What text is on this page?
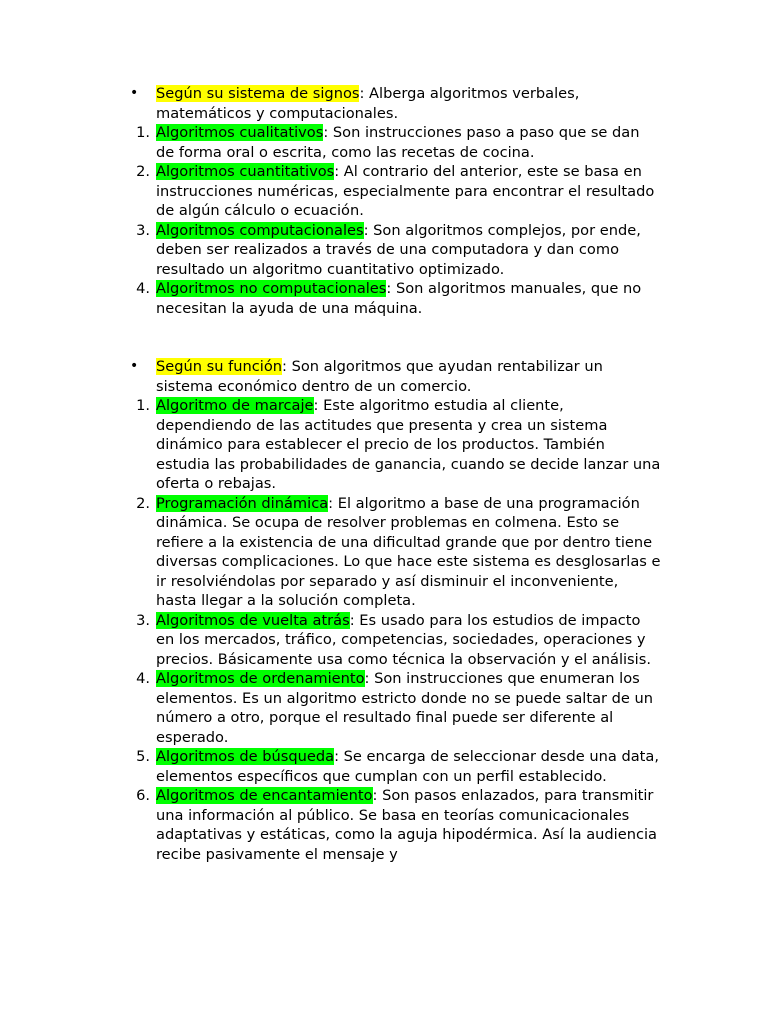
• Según su sistema de signos: Alberga algoritmos verbales, matemáticos y computacionales.

1. Algoritmos cualitativos: Son instrucciones paso a paso que se dan de forma oral o escrita, como las recetas de cocina.

2. Algoritmos cuantitativos: Al contrario del anterior, este se basa en instrucciones numéricas, especialmente para encontrar el resultado de algún cálculo o ecuación.

3. Algoritmos computacionales: Son algoritmos complejos, por ende, deben ser realizados a través de una computadora y dan como resultado un algoritmo cuantitativo optimizado.

4. Algoritmos no computacionales: Son algoritmos manuales, que no necesitan la ayuda de una máquina.

• Según su función: Son algoritmos que ayudan rentabilizar un sistema económico dentro de un comercio.

1. Algoritmo de marcaje: Este algoritmo estudia al cliente, dependiendo de las actitudes que presenta y crea un sistema dinámico para establecer el precio de los productos. También estudia las probabilidades de ganancia, cuando se decide lanzar una oferta o rebajas.

2. Programación dinámica: El algoritmo a base de una programación dinámica. Se ocupa de resolver problemas en colmena. Esto se refiere a la existencia de una dificultad grande que por dentro tiene diversas complicaciones. Lo que hace este sistema es desglosarlas e ir resolviéndolas por separado y así disminuir el inconveniente, hasta llegar a la solución completa.

3. Algoritmos de vuelta atrás: Es usado para los estudios de impacto en los mercados, tráfico, competencias, sociedades, operaciones y precios. Básicamente usa como técnica la observación y el análisis.

4. Algoritmos de ordenamiento: Son instrucciones que enumeran los elementos. Es un algoritmo estricto donde no se puede saltar de un número a otro, porque el resultado final puede ser diferente al esperado.

5. Algoritmos de búsqueda: Se encarga de seleccionar desde una data, elementos específicos que cumplan con un perfil establecido.

6. Algoritmos de encantamiento: Son pasos enlazados, para transmitir una información al público. Se basa en teorías comunicacionales adaptativas y estáticas, como la aguja hipodérmica. Así la audiencia recibe pasivamente el mensaje y
